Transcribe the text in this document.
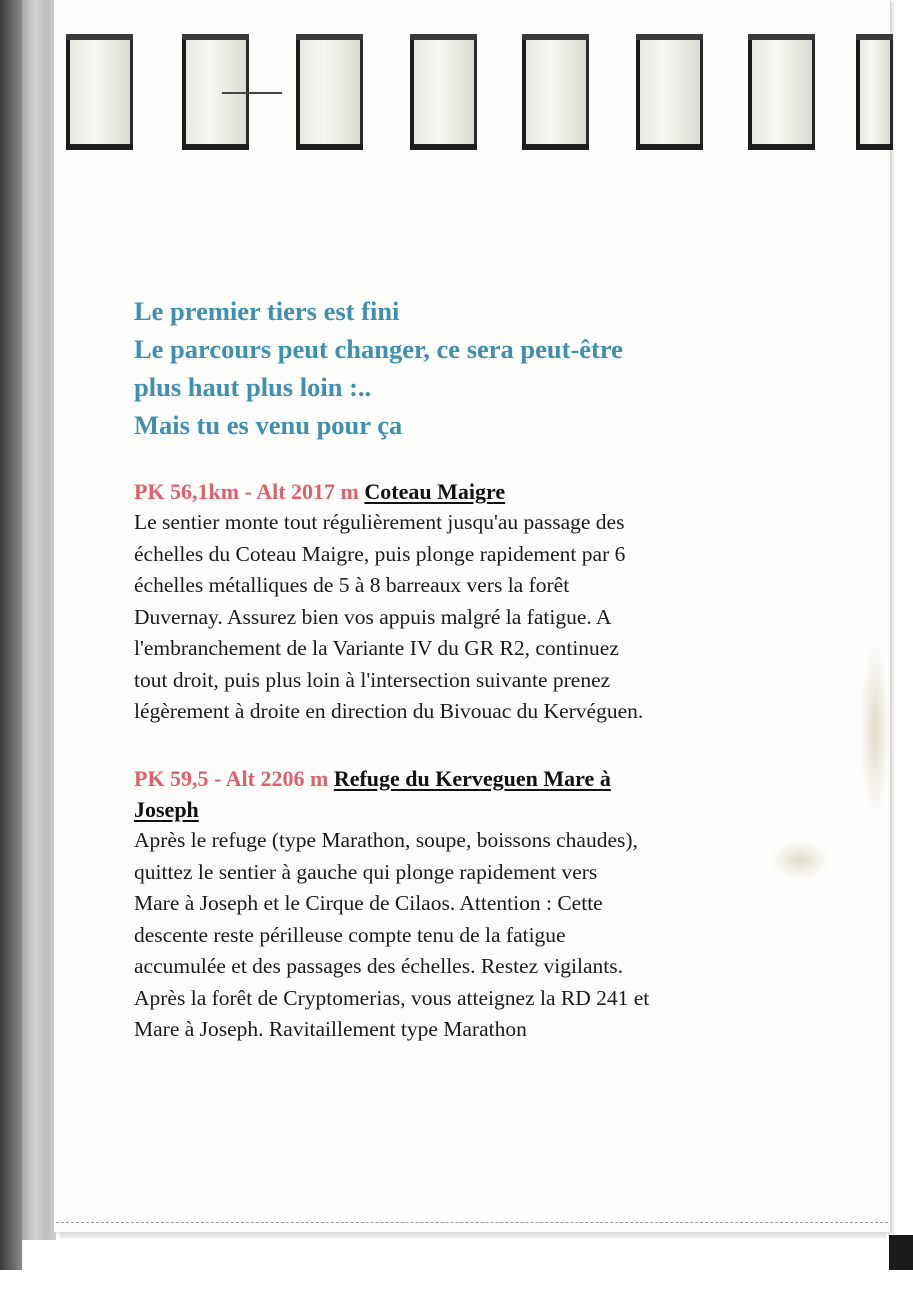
Le premier tiers est fini
Le parcours peut changer, ce sera peut-être
plus haut plus loin :..
Mais tu es venu pour ça
PK 56,1km - Alt 2017 m Coteau Maigre
Le sentier monte tout régulièrement jusqu'au passage des
échelles du Coteau Maigre, puis plonge rapidement par 6
échelles métalliques de 5 à 8 barreaux vers la forêt
Duvernay. Assurez bien vos appuis malgré la fatigue. A
l'embranchement de la Variante IV du GR R2, continuez
tout droit, puis plus loin à l'intersection suivante prenez
légèrement à droite en direction du Bivouac du Kervéguen.
PK 59,5 - Alt 2206 m Refuge du Kerveguen Mare à
Joseph
Après le refuge (type Marathon, soupe, boissons chaudes),
quittez le sentier à gauche qui plonge rapidement vers
Mare à Joseph et le Cirque de Cilaos. Attention : Cette
descente reste périlleuse compte tenu de la fatigue
accumulée et des passages des échelles. Restez vigilants.
Après la forêt de Cryptomerias, vous atteignez la RD 241 et
Mare à Joseph. Ravitaillement type Marathon
